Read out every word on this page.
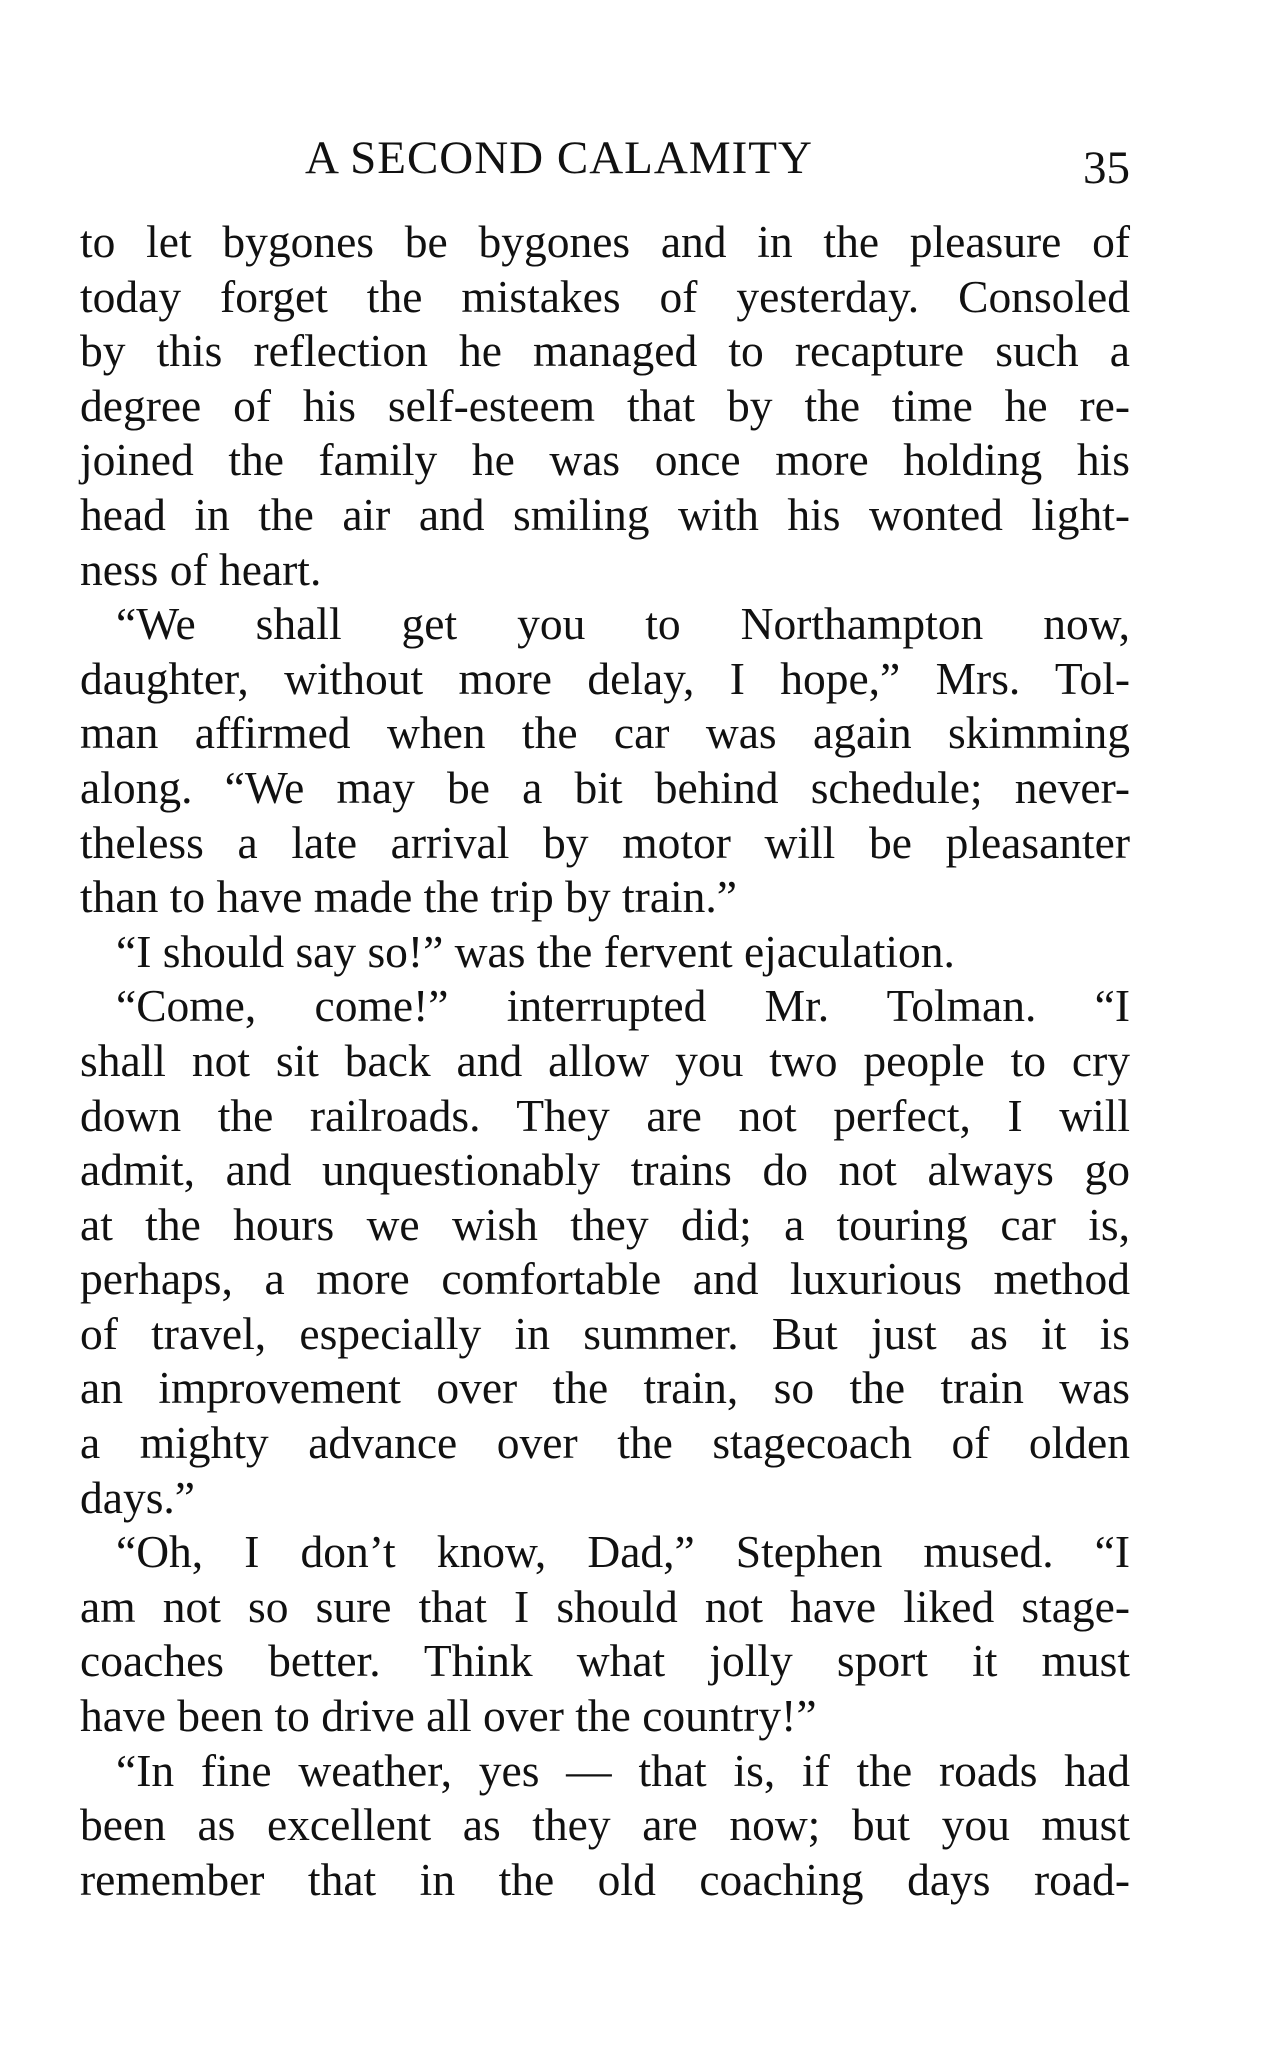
A SECOND CALAMITY	35
to let bygones be bygones and in the pleasure of
today forget the mistakes of yesterday. Consoled
by this reflection he managed to recapture such a
degree of his self-esteem that by the time he re-
joined the family he was once more holding his
head in the air and smiling with his wonted light-
ness of heart.
“We shall get you to Northampton now,
daughter, without more delay, I hope,” Mrs. Tol-
man affirmed when the car was again skimming
along. “We may be a bit behind schedule; never-
theless a late arrival by motor will be pleasanter
than to have made the trip by train.”
“I should say so!” was the fervent ejaculation.
“Come, come!” interrupted Mr. Tolman. “I
shall not sit back and allow you two people to cry
down the railroads. They are not perfect, I will
admit, and unquestionably trains do not always go
at the hours we wish they did; a touring car is,
perhaps, a more comfortable and luxurious method
of travel, especially in summer. But just as it is
an improvement over the train, so the train was
a mighty advance over the stagecoach of olden
days.”
“Oh, I don’t know, Dad,” Stephen mused. “I
am not so sure that I should not have liked stage-
coaches better. Think what jolly sport it must
have been to drive all over the country!”
“In fine weather, yes — that is, if the roads had
been as excellent as they are now; but you must
remember that in the old coaching days road-
